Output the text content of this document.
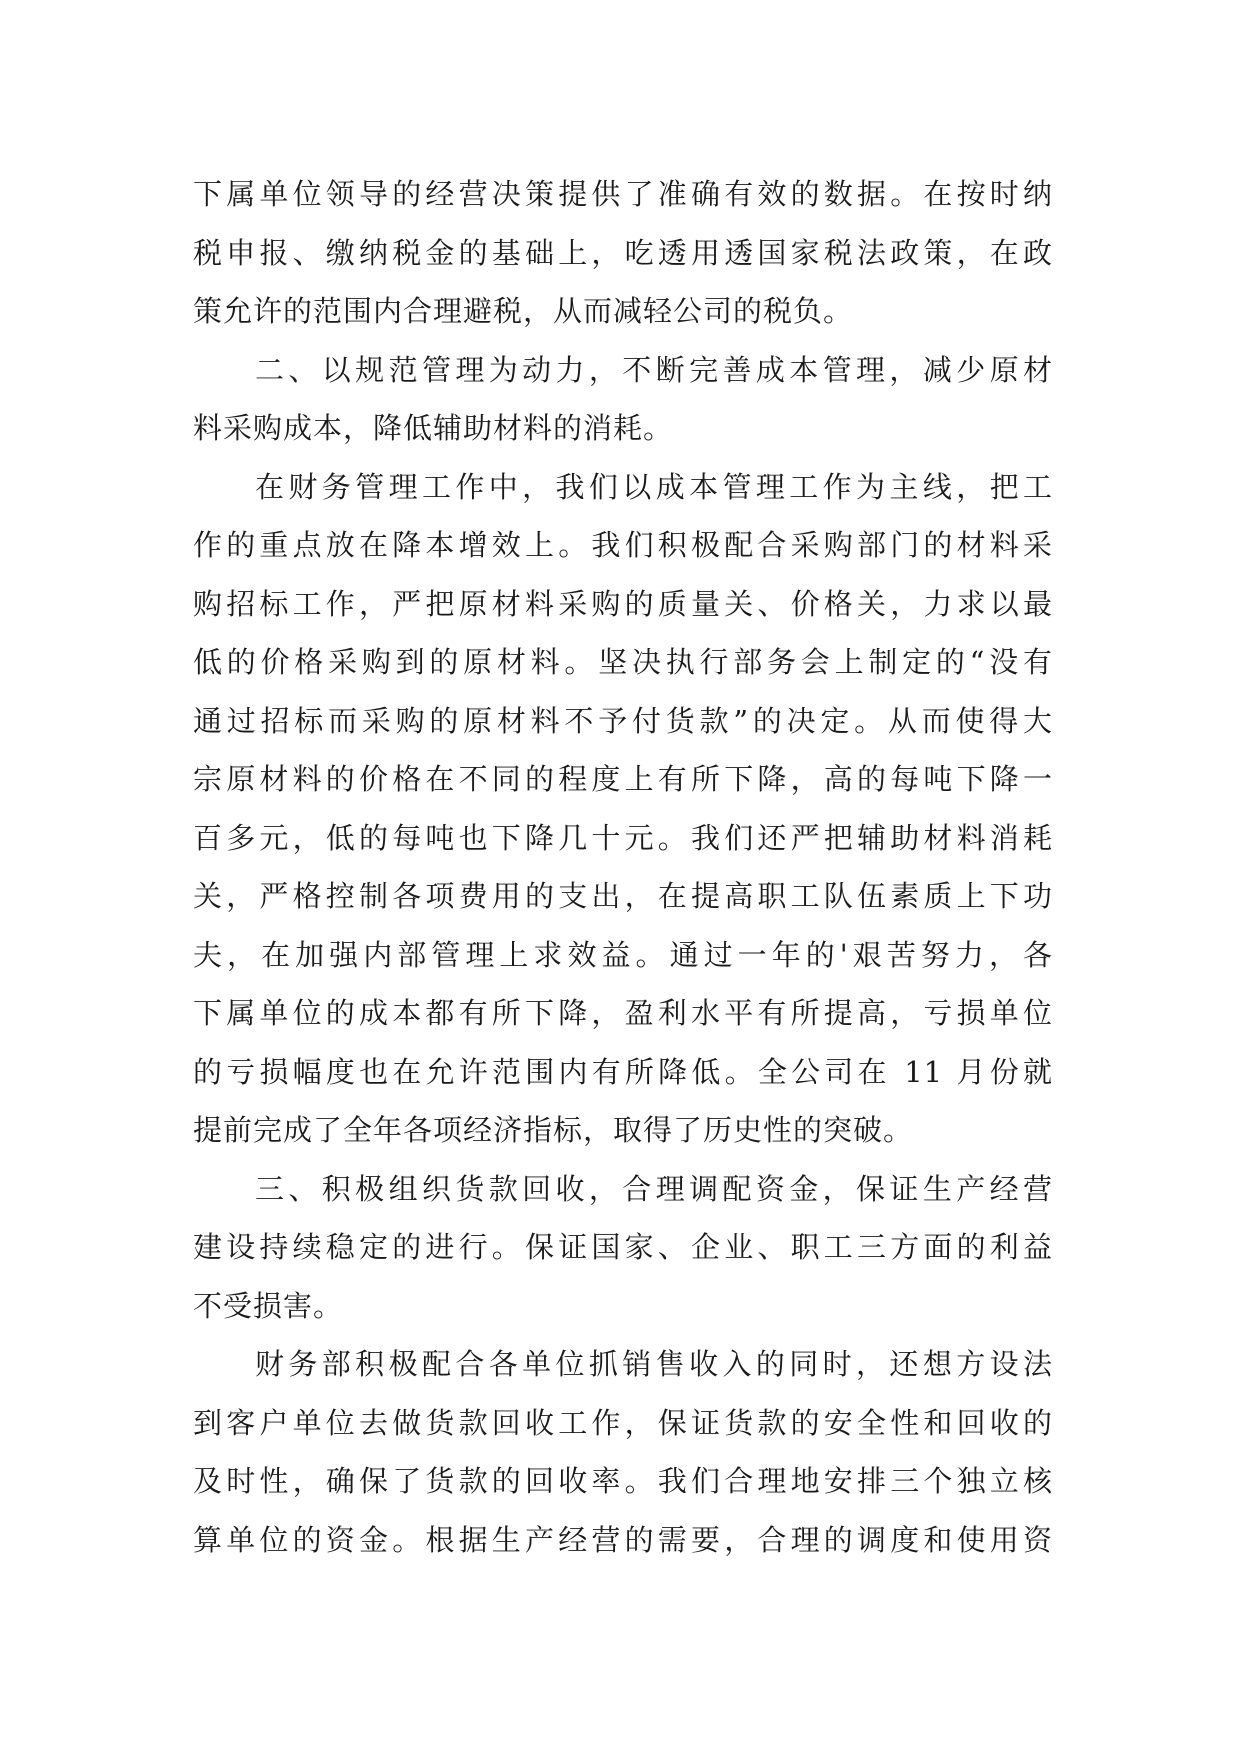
下属单位领导的经营决策提供了准确有效的数据。在按时纳
税申报、缴纳税金的基础上，吃透用透国家税法政策，在政
策允许的范围内合理避税，从而减轻公司的税负。
二、以规范管理为动力，不断完善成本管理，减少原材
料采购成本，降低辅助材料的消耗。
在财务管理工作中，我们以成本管理工作为主线，把工
作的重点放在降本增效上。我们积极配合采购部门的材料采
购招标工作，严把原材料采购的质量关、价格关，力求以最
低的价格采购到的原材料。坚决执行部务会上制定的“没有
通过招标而采购的原材料不予付货款”的决定。从而使得大
宗原材料的价格在不同的程度上有所下降，高的每吨下降一
百多元，低的每吨也下降几十元。我们还严把辅助材料消耗
关，严格控制各项费用的支出，在提高职工队伍素质上下功
夫，在加强内部管理上求效益。通过一年的'艰苦努力，各
下属单位的成本都有所下降，盈利水平有所提高，亏损单位
的亏损幅度也在允许范围内有所降低。全公司在 11 月份就
提前完成了全年各项经济指标，取得了历史性的突破。
三、积极组织货款回收，合理调配资金，保证生产经营
建设持续稳定的进行。保证国家、企业、职工三方面的利益
不受损害。
财务部积极配合各单位抓销售收入的同时，还想方设法
到客户单位去做货款回收工作，保证货款的安全性和回收的
及时性，确保了货款的回收率。我们合理地安排三个独立核
算单位的资金。根据生产经营的需要，合理的调度和使用资
